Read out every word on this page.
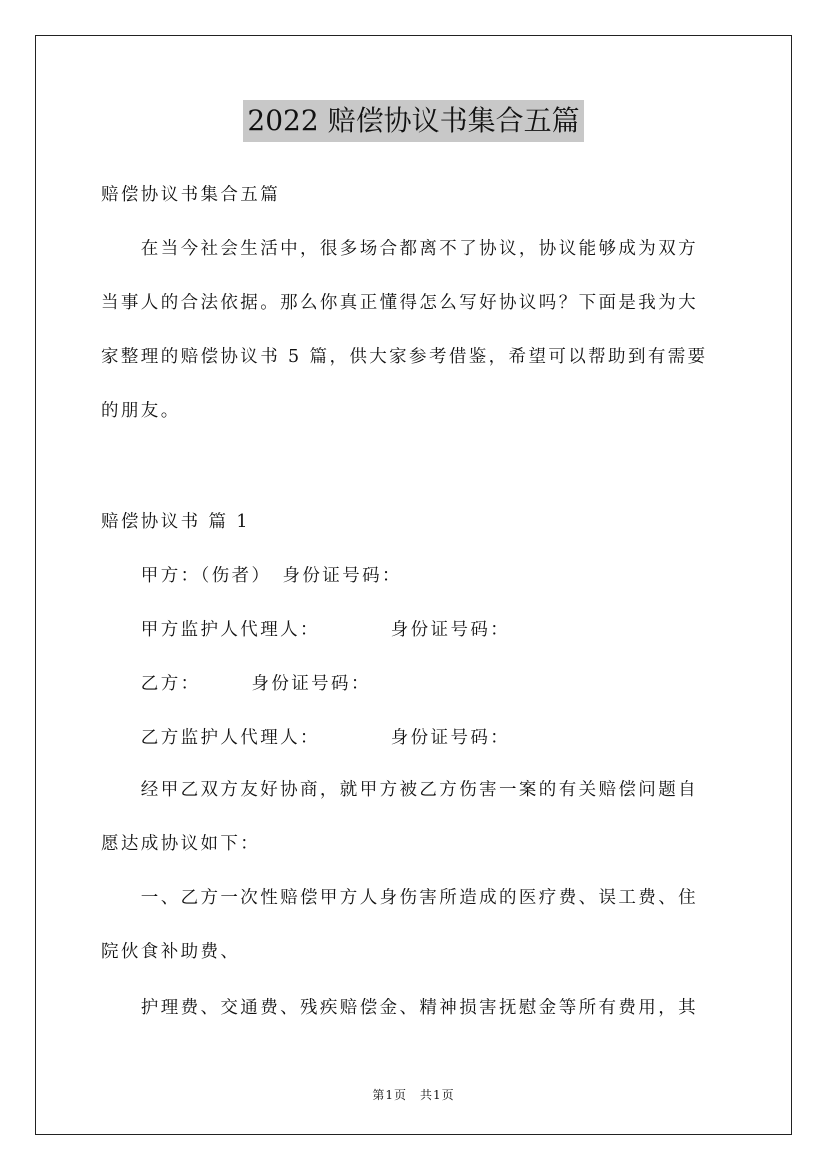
2022 赔偿协议书集合五篇
赔偿协议书集合五篇
　　在当今社会生活中，很多场合都离不了协议，协议能够成为双方
当事人的合法依据。那么你真正懂得怎么写好协议吗？下面是我为大
家整理的赔偿协议书 5 篇，供大家参考借鉴，希望可以帮助到有需要
的朋友。
赔偿协议书 篇 1
　　甲方：（伤者）　身份证号码：
　　甲方监护人代理人：　　　　身份证号码：
　　乙方：　　　身份证号码：
　　乙方监护人代理人：　　　　身份证号码：
　　经甲乙双方友好协商，就甲方被乙方伤害一案的有关赔偿问题自
愿达成协议如下：
　　一、乙方一次性赔偿甲方人身伤害所造成的医疗费、误工费、住
院伙食补助费、
　　护理费、交通费、残疾赔偿金、精神损害抚慰金等所有费用，其
第1页　共1页
